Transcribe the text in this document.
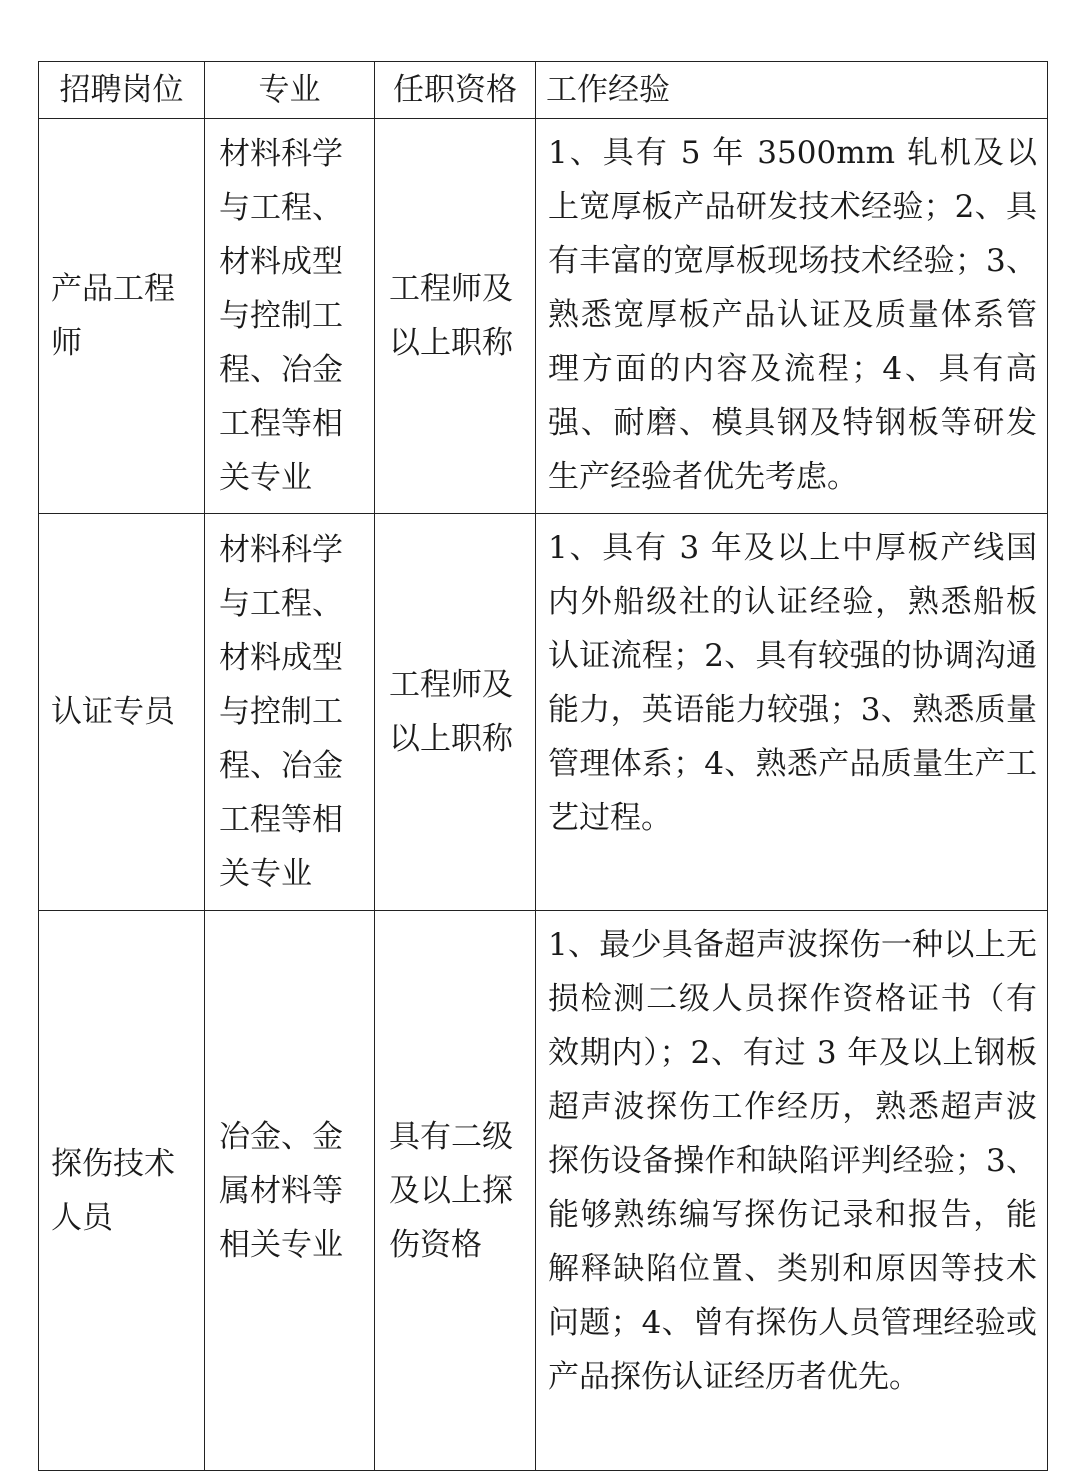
招聘岗位	专业	任职资格	工作经验
产品工程师	材料科学与工程、材料成型与控制工程、冶金工程等相关专业	工程师及以上职称	1、具有 5 年 3500mm 轧机及以上宽厚板产品研发技术经验；2、具有丰富的宽厚板现场技术经验；3、熟悉宽厚板产品认证及质量体系管理方面的内容及流程；4、具有高强、耐磨、模具钢及特钢板等研发生产经验者优先考虑。
认证专员	材料科学与工程、材料成型与控制工程、冶金工程等相关专业	工程师及以上职称	1、具有 3 年及以上中厚板产线国内外船级社的认证经验，熟悉船板认证流程；2、具有较强的协调沟通能力，英语能力较强；3、熟悉质量管理体系；4、熟悉产品质量生产工艺过程。
探伤技术人员	冶金、金属材料等相关专业	具有二级及以上探伤资格	1、最少具备超声波探伤一种以上无损检测二级人员探作资格证书（有效期内）；2、有过 3 年及以上钢板超声波探伤工作经历，熟悉超声波探伤设备操作和缺陷评判经验；3、能够熟练编写探伤记录和报告，能解释缺陷位置、类别和原因等技术问题；4、曾有探伤人员管理经验或产品探伤认证经历者优先。
